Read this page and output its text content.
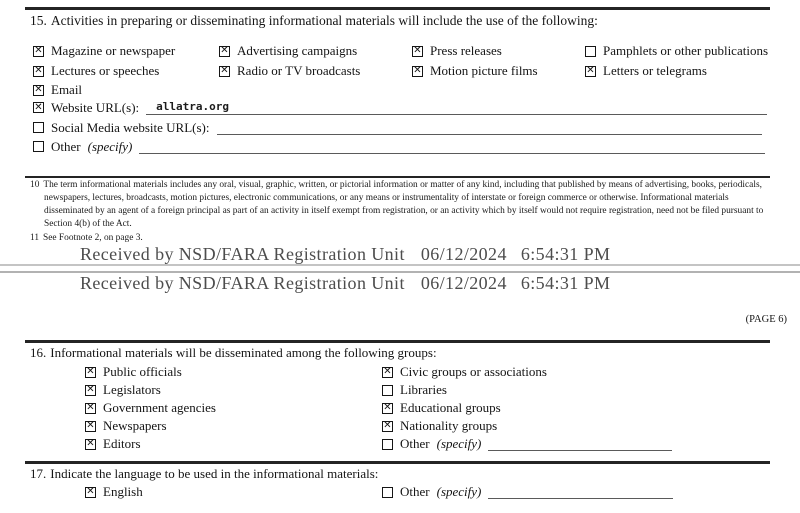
15. Activities in preparing or disseminating informational materials will include the use of the following:
✕
Magazine or newspaper ✕	Advertising campaigns ✕	Press releases	Pamphlets or other publications
✕
Lectures or speeches ✕	Radio or TV broadcasts ✕	Motion picture films ✕	Letters or telegrams
✕
Email
✕
Website URL(s):	allatra.org
Social Media website URL(s):
Other (specify)

10 The term informational materials includes any oral, visual, graphic, written, or pictorial information or matter of any kind, including that published by means of advertising, books, periodicals, newspapers, lectures, broadcasts, motion pictures, electronic communications, or any means or instrumentality of interstate or foreign commerce or otherwise. Informational materials disseminated by an agent of a foreign principal as part of an activity in itself exempt from registration, or an activity which by itself would not require registration, need not be filed pursuant to Section 4(b) of the Act.

11 See Footnote 2, on page 3.

Received by NSD/FARA Registration Unit 06/12/2024 6:54:31 PM
Received by NSD/FARA Registration Unit 06/12/2024 6:54:31 PM
(PAGE 6)
16. Informational materials will be disseminated among the following groups:
✕
Public officials
✕
Legislators
✕
Government agencies
✕
Newspapers
✕
Editors
✕
Civic groups or associations
Libraries
✕
Educational groups
✕
Nationality groups
Other (specify)
17. Indicate the language to be used in the informational materials:
✕
English	Other (specify)
